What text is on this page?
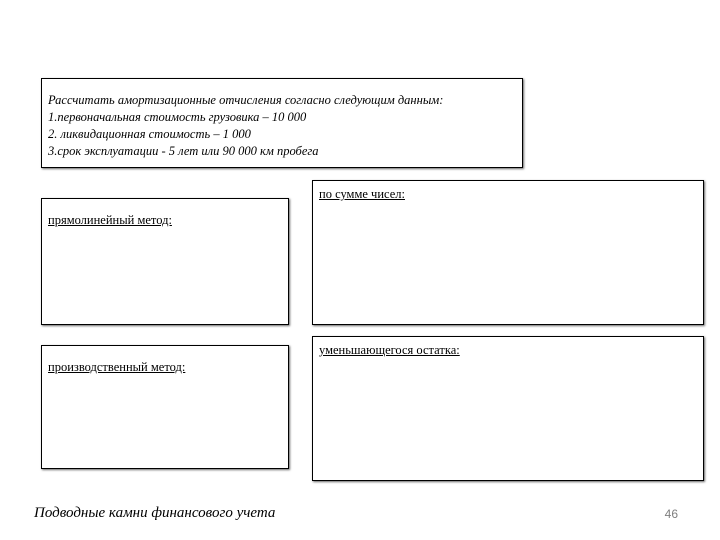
Рассчитать амортизационные отчисления согласно следующим данным:
1.первоначальная стоимость грузовика – 10 000
2. ликвидационная стоимость – 1 000
3.срок эксплуатации - 5 лет или 90 000 км пробега
по сумме чисел:
прямолинейный метод:
уменьшающегося остатка:
производственный метод:
Подводные камни финансового учета	46
